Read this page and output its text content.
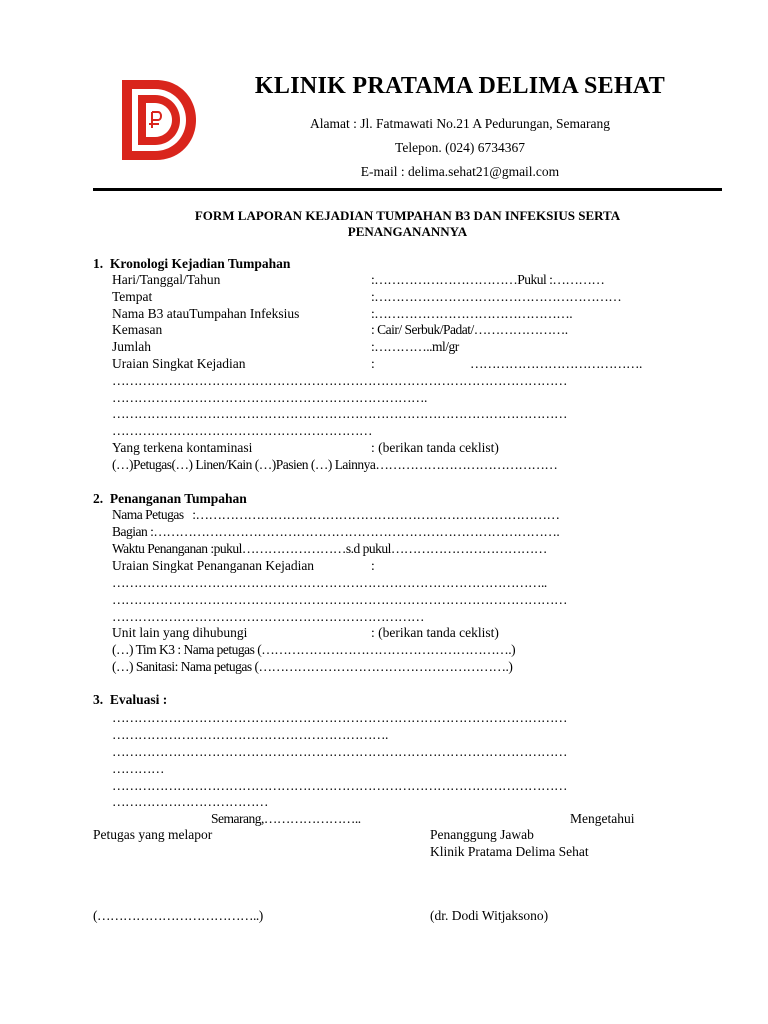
KLINIK PRATAMA DELIMA SEHAT
Alamat : Jl. Fatmawati No.21 A Pedurungan, Semarang
Telepon. (024) 6734367
E-mail : delima.sehat21@gmail.com
FORM LAPORAN KEJADIAN TUMPAHAN B3 DAN INFEKSIUS SERTA
PENANGANANNYA
1.  Kronologi Kejadian Tumpahan
Hari/Tanggal/Tahun	:……………………………Pukul :…………
Tempat	:…………………………………………………
Nama B3 atauTumpahan Infeksius	:……………………………………….
Kemasan	: Cair/ Serbuk/Padat/………………….
Jumlah	:…………..ml/gr
Uraian Singkat Kejadian	:	………………………………….
……………………………………………………………………………………………
……………………………………………………………….
……………………………………………………………………………………………
……………………………………………………
Yang terkena kontaminasi	: (berikan tanda ceklist)
(…)Petugas(…) Linen/Kain (…)Pasien (…) Lainnya……………………………………
2.  Penanganan Tumpahan
Nama Petugas   :…………………………………………………………………………
Bagian :………………………………………………………………………………….
Waktu Penanganan :pukul……………………s.d pukul………………………………
Uraian Singkat Penanganan Kejadian	:
………………………………………………………………………………………..
……………………………………………………………………………………………
………………………………………………………………
Unit lain yang dihubungi	: (berikan tanda ceklist)
(…) Tim K3 : Nama petugas (………………………………………………….)
(…) Sanitasi: Nama petugas (………………………………………………….)
3.  Evaluasi :
……………………………………………………………………………………………
……………………………………………………….
……………………………………………………………………………………………
…………
……………………………………………………………………………………………
………………………………
Semarang,…………………..	Mengetahui
Petugas yang melapor	Penanggung Jawab
Klinik Pratama Delima Sehat
(………………………………..)	(dr. Dodi Witjaksono)
